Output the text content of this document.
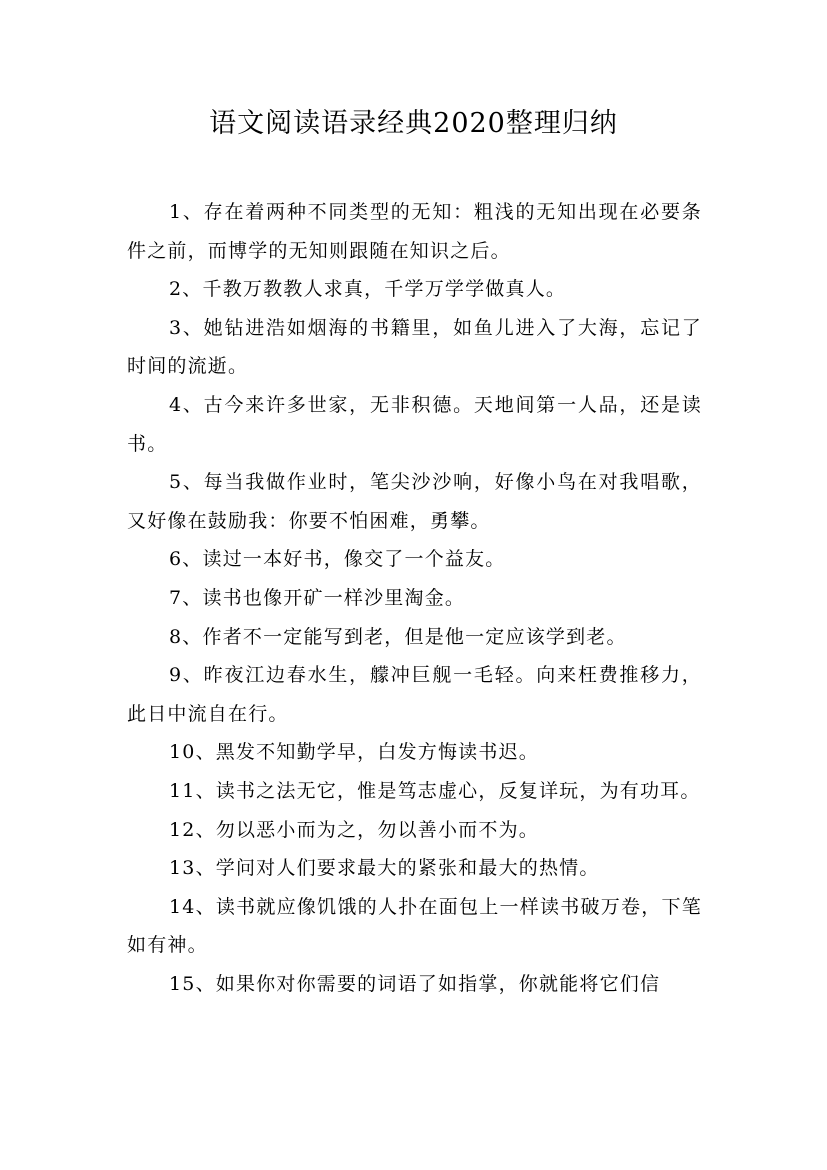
语文阅读语录经典2020整理归纳

1、存在着两种不同类型的无知：粗浅的无知出现在必要条件之前，而博学的无知则跟随在知识之后。

2、千教万教教人求真，千学万学学做真人。

3、她钻进浩如烟海的书籍里，如鱼儿进入了大海，忘记了时间的流逝。

4、古今来许多世家，无非积德。天地间第一人品，还是读书。

5、每当我做作业时，笔尖沙沙响，好像小鸟在对我唱歌，又好像在鼓励我：你要不怕困难，勇攀。

6、读过一本好书，像交了一个益友。

7、读书也像开矿一样沙里淘金。

8、作者不一定能写到老，但是他一定应该学到老。

9、昨夜江边春水生，艨冲巨舰一毛轻。向来枉费推移力，此日中流自在行。

10、黑发不知勤学早，白发方悔读书迟。

11、读书之法无它，惟是笃志虚心，反复详玩，为有功耳。

12、勿以恶小而为之，勿以善小而不为。

13、学问对人们要求最大的紧张和最大的热情。

14、读书就应像饥饿的人扑在面包上一样读书破万卷，下笔如有神。

15、如果你对你需要的词语了如指掌，你就能将它们信
